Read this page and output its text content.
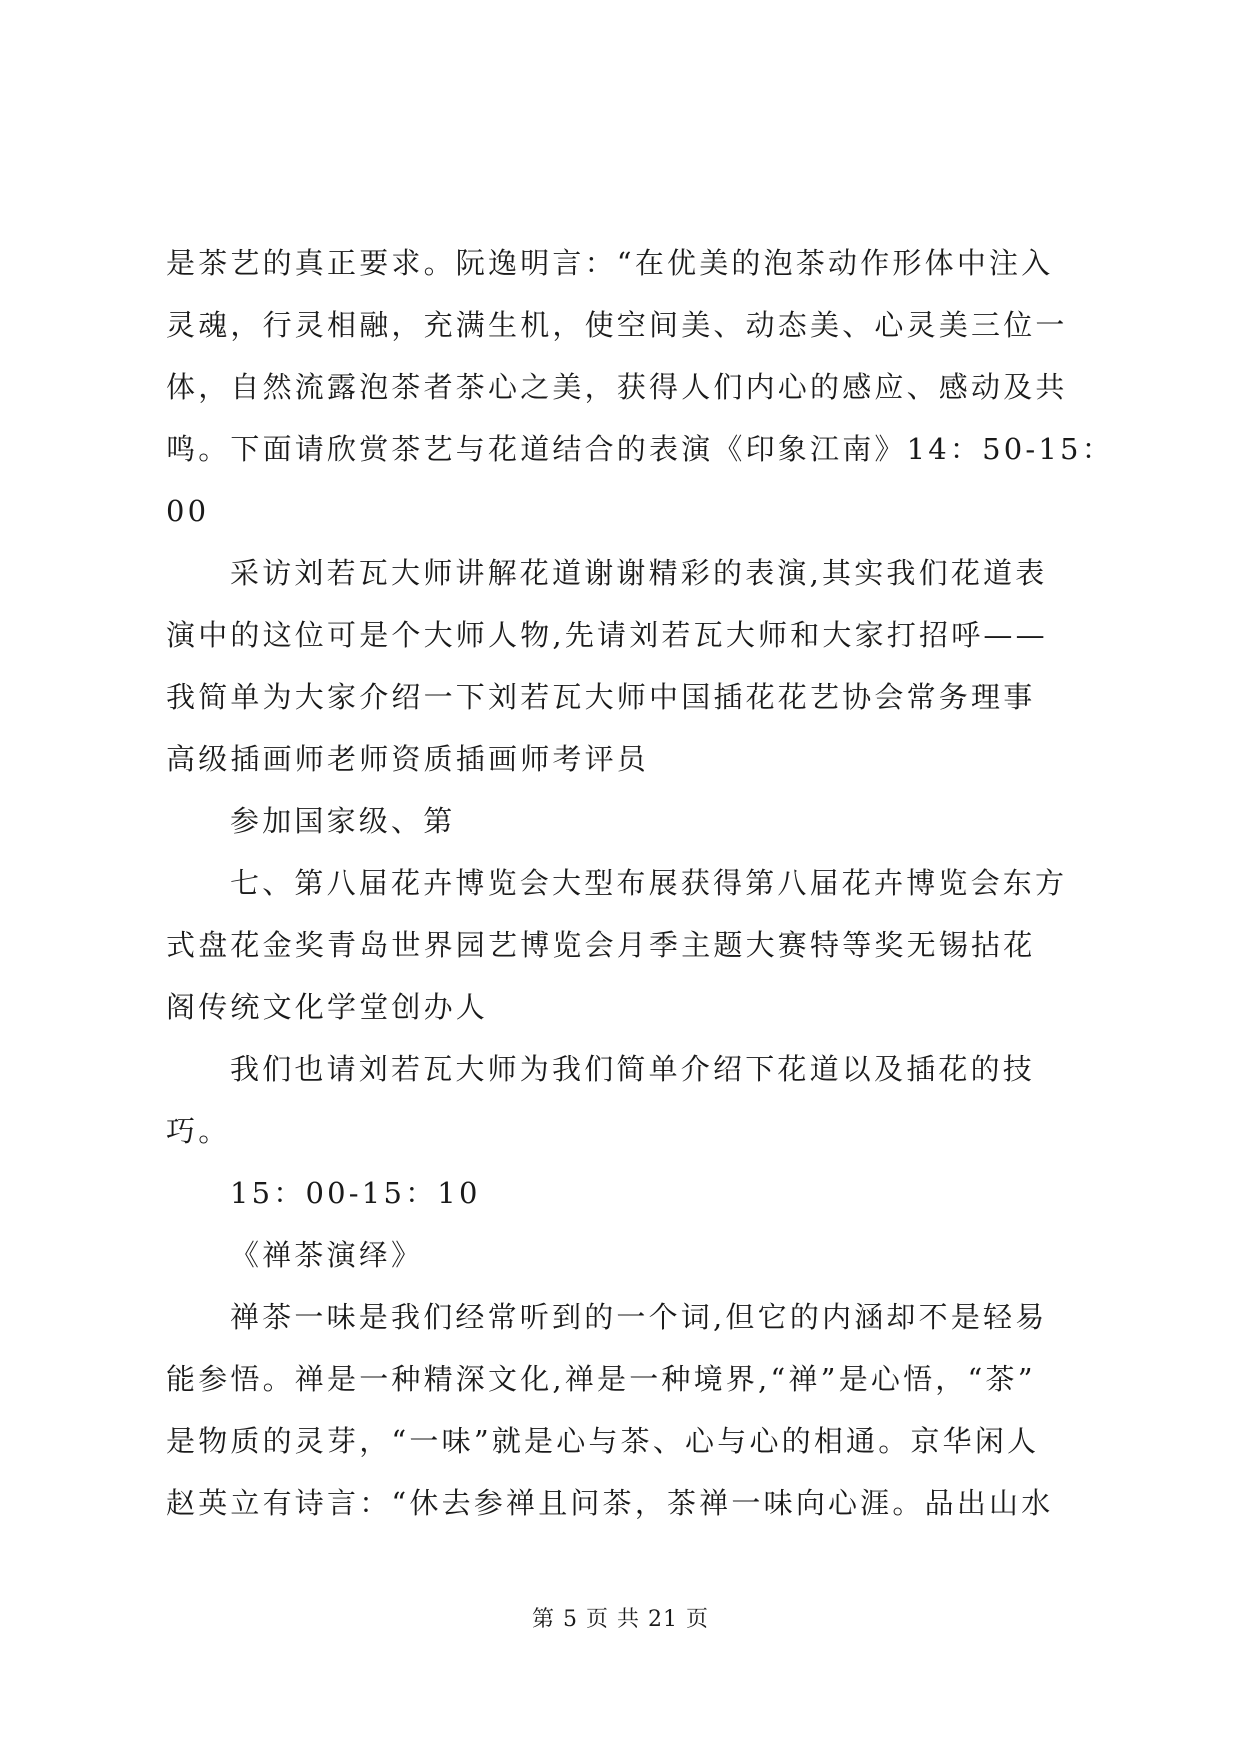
是茶艺的真正要求。阮逸明言：“在优美的泡茶动作形体中注入
灵魂，行灵相融，充满生机，使空间美、动态美、心灵美三位一
体，自然流露泡茶者茶心之美，获得人们内心的感应、感动及共
鸣。下面请欣赏茶艺与花道结合的表演《印象江南》14：50-15：
00
采访刘若瓦大师讲解花道谢谢精彩的表演,其实我们花道表
演中的这位可是个大师人物,先请刘若瓦大师和大家打招呼——
我简单为大家介绍一下刘若瓦大师中国插花花艺协会常务理事
高级插画师老师资质插画师考评员
参加国家级、第
七、第八届花卉博览会大型布展获得第八届花卉博览会东方
式盘花金奖青岛世界园艺博览会月季主题大赛特等奖无锡拈花
阁传统文化学堂创办人
我们也请刘若瓦大师为我们简单介绍下花道以及插花的技
巧。
15：00-15：10
《禅茶演绎》
禅茶一味是我们经常听到的一个词,但它的内涵却不是轻易
能参悟。禅是一种精深文化,禅是一种境界,“禅”是心悟，“茶”
是物质的灵芽，“一味”就是心与茶、心与心的相通。京华闲人
赵英立有诗言：“休去参禅且问茶，茶禅一味向心涯。品出山水
第 5 页 共 21 页
